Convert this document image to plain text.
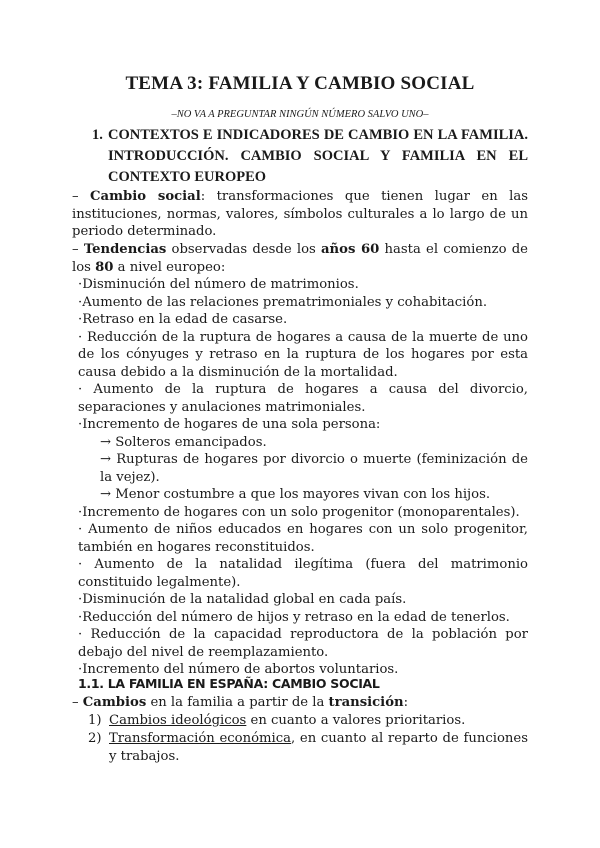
TEMA 3: FAMILIA Y CAMBIO SOCIAL
–NO VA A PREGUNTAR NINGÚN NÚMERO SALVO UNO–
1. CONTEXTOS E INDICADORES DE CAMBIO EN LA FAMILIA. INTRODUCCIÓN. CAMBIO SOCIAL Y FAMILIA EN EL CONTEXTO EUROPEO
– Cambio social: transformaciones que tienen lugar en las instituciones, normas, valores, símbolos culturales a lo largo de un periodo determinado.
– Tendencias observadas desde los años 60 hasta el comienzo de los 80 a nivel europeo:
·Disminución del número de matrimonios.
·Aumento de las relaciones prematrimoniales y cohabitación.
·Retraso en la edad de casarse.
· Reducción de la ruptura de hogares a causa de la muerte de uno de los cónyuges y retraso en la ruptura de los hogares por esta causa debido a la disminución de la mortalidad.
· Aumento de la ruptura de hogares a causa del divorcio, separaciones y anulaciones matrimoniales.
·Incremento de hogares de una sola persona:
→ Solteros emancipados.
→ Rupturas de hogares por divorcio o muerte (feminización de la vejez).
→ Menor costumbre a que los mayores vivan con los hijos.
·Incremento de hogares con un solo progenitor (monoparentales).
· Aumento de niños educados en hogares con un solo progenitor, también en hogares reconstituidos.
· Aumento de la natalidad ilegítima (fuera del matrimonio constituido legalmente).
·Disminución de la natalidad global en cada país.
·Reducción del número de hijos y retraso en la edad de tenerlos.
· Reducción de la capacidad reproductora de la población por debajo del nivel de reemplazamiento.
·Incremento del número de abortos voluntarios.
1.1. LA FAMILIA EN ESPAÑA: CAMBIO SOCIAL
– Cambios en la familia a partir de la transición:
1) Cambios ideológicos en cuanto a valores prioritarios.
2) Transformación económica, en cuanto al reparto de funciones y trabajos.
